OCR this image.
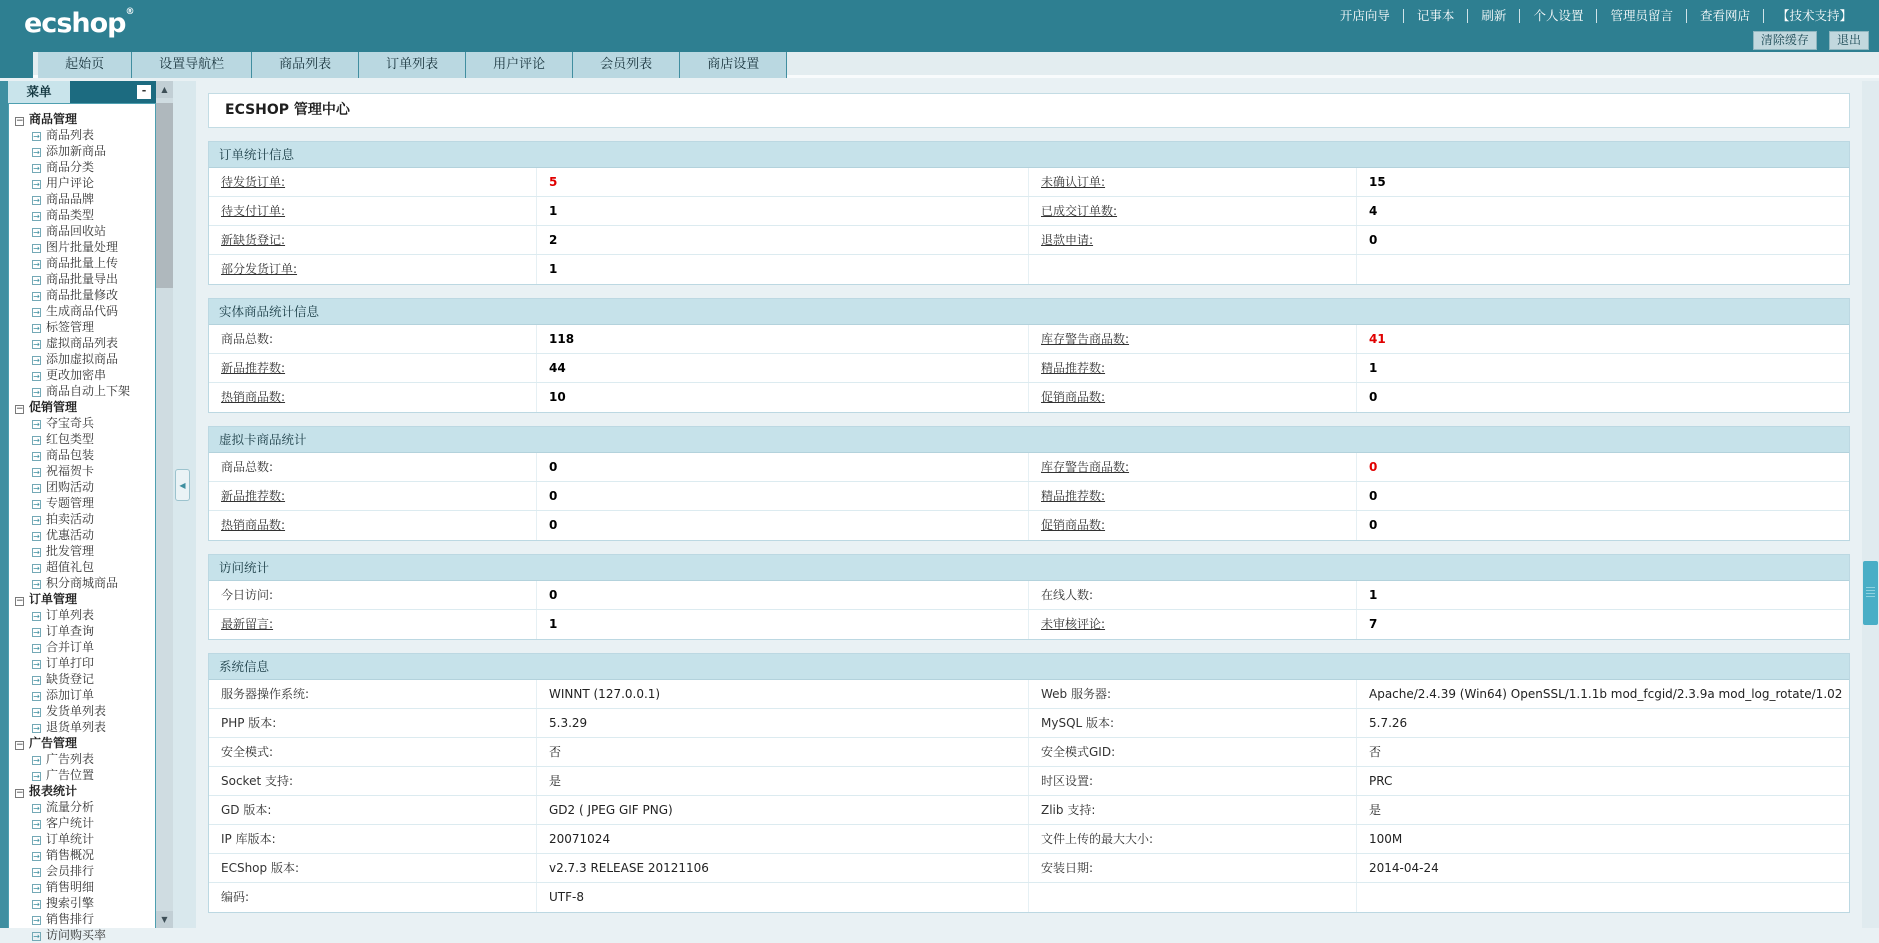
ecshop®	开店向导 记事本 刷新 个人设置 管理员留言 查看网店 【技术支持】
清除缓存 退出
起始页	设置导航栏	商品列表	订单列表	用户评论	会员列表	商店设置
菜单	-
− 商品管理
→ 商品列表
→ 添加新商品
→ 商品分类
→ 用户评论
→ 商品品牌
→ 商品类型
→ 商品回收站
→ 图片批量处理
→ 商品批量上传
→ 商品批量导出
→ 商品批量修改
→ 生成商品代码
→ 标签管理
→ 虚拟商品列表
→ 添加虚拟商品
→ 更改加密串
→ 商品自动上下架
− 促销管理
→ 夺宝奇兵
→ 红包类型
→ 商品包装
→ 祝福贺卡
→ 团购活动
→ 专题管理
→ 拍卖活动
→ 优惠活动
→ 批发管理
→ 超值礼包
→ 积分商城商品
− 订单管理
→ 订单列表
→ 订单查询
→ 合并订单
→ 订单打印
→ 缺货登记
→ 添加订单
→ 发货单列表
→ 退货单列表
− 广告管理
→ 广告列表
→ 广告位置
− 报表统计
→ 流量分析
→ 客户统计
→ 订单统计
→ 销售概况
→ 会员排行
→ 销售明细
→ 搜索引擎
→ 销售排行
→ 访问购买率
▲
▼
◀
ECSHOP 管理中心
订单统计信息
待发货订单:	5	未确认订单:	15
待支付订单:	1	已成交订单数:	4
新缺货登记:	2	退款申请:	0
部分发货订单:	1
实体商品统计信息
商品总数:	118	库存警告商品数:	41
新品推荐数:	44	精品推荐数:	1
热销商品数:	10	促销商品数:	0
虚拟卡商品统计
商品总数:	0	库存警告商品数:	0
新品推荐数:	0	精品推荐数:	0
热销商品数:	0	促销商品数:	0
访问统计
今日访问:	0	在线人数:	1
最新留言:	1	未审核评论:	7
系统信息
服务器操作系统:	WINNT (127.0.0.1)	Web 服务器:	Apache/2.4.39 (Win64) OpenSSL/1.1.1b mod_fcgid/2.3.9a mod_log_rotate/1.02
PHP 版本:	5.3.29	MySQL 版本:	5.7.26
安全模式:	否	安全模式GID:	否
Socket 支持:	是	时区设置:	PRC
GD 版本:	GD2 ( JPEG GIF PNG)	Zlib 支持:	是
IP 库版本:	20071024	文件上传的最大大小:	100M
ECShop 版本:	v2.7.3 RELEASE 20121106	安装日期:	2014-04-24
编码:	UTF-8
